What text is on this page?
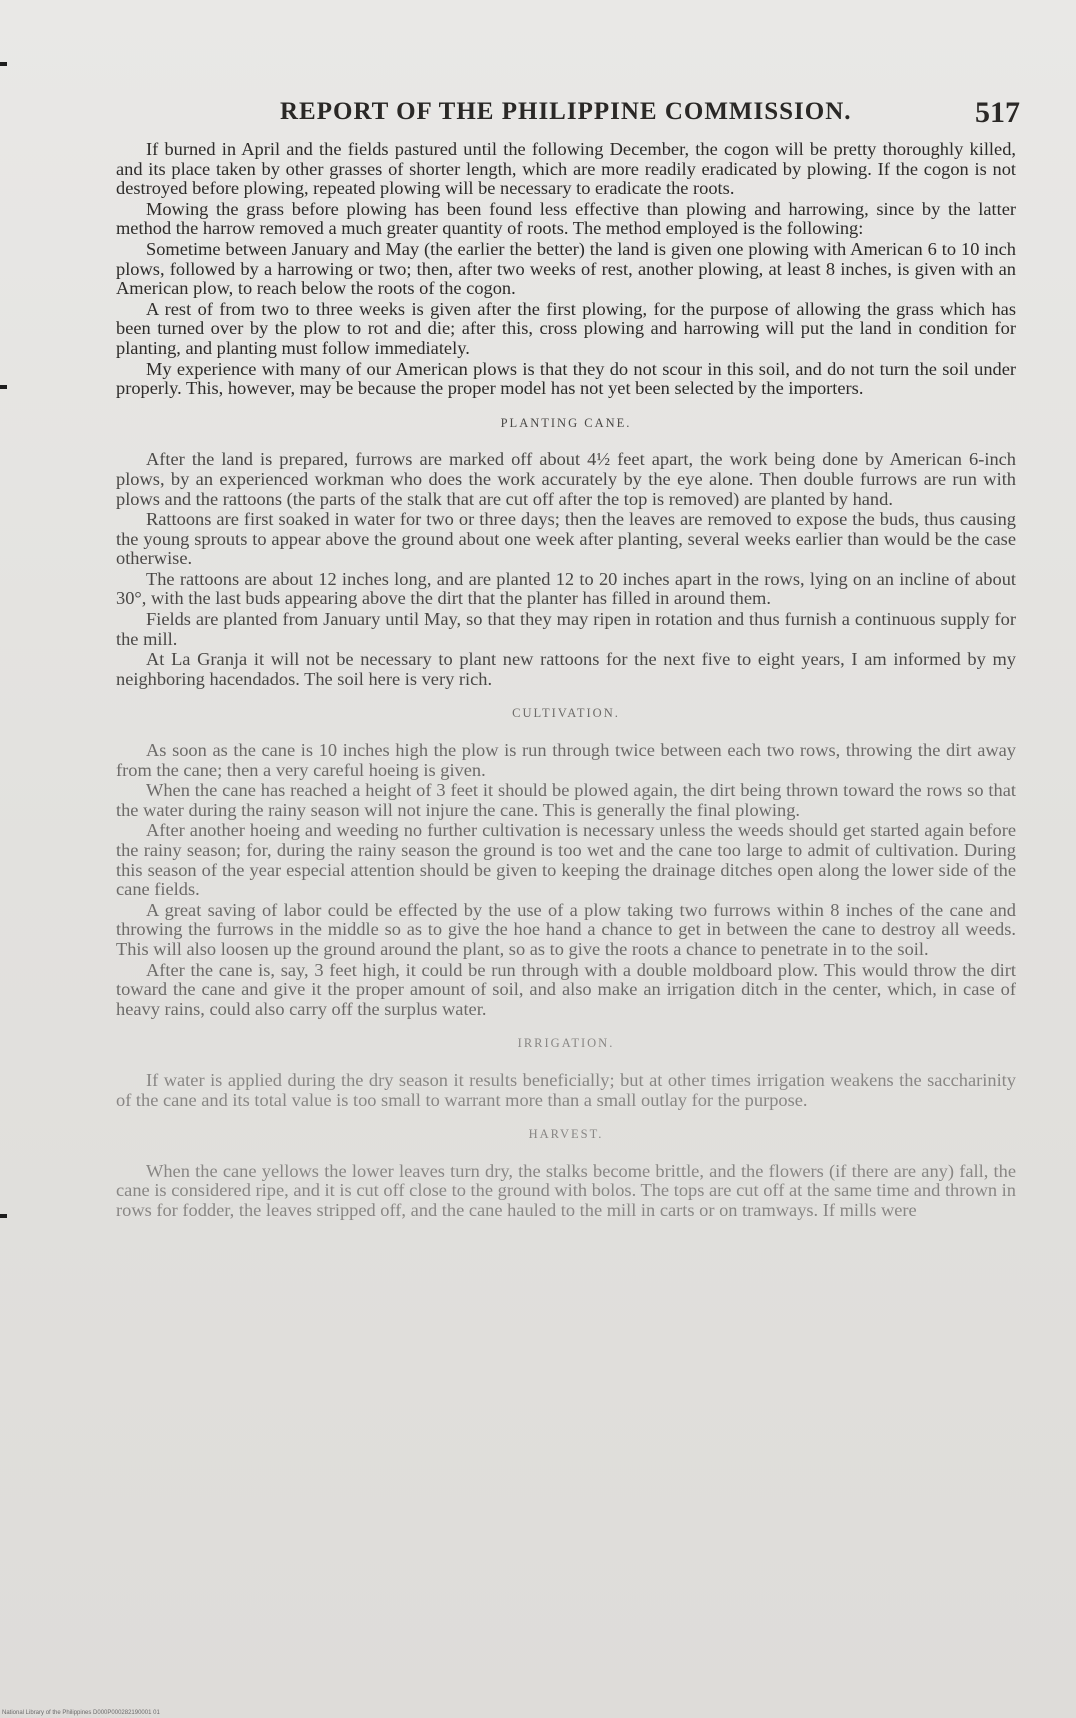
REPORT OF THE PHILIPPINE COMMISSION.	517

If burned in April and the fields pastured until the following December, the cogon will be pretty thoroughly killed, and its place taken by other grasses of shorter length, which are more readily eradicated by plowing. If the cogon is not destroyed before plowing, repeated plowing will be necessary to eradicate the roots.

Mowing the grass before plowing has been found less effective than plowing and harrowing, since by the latter method the harrow removed a much greater quantity of roots. The method employed is the following:

Sometime between January and May (the earlier the better) the land is given one plowing with American 6 to 10 inch plows, followed by a harrowing or two; then, after two weeks of rest, another plowing, at least 8 inches, is given with an American plow, to reach below the roots of the cogon.

A rest of from two to three weeks is given after the first plowing, for the purpose of allowing the grass which has been turned over by the plow to rot and die; after this, cross plowing and harrowing will put the land in condition for planting, and planting must follow immediately.

My experience with many of our American plows is that they do not scour in this soil, and do not turn the soil under properly. This, however, may be because the proper model has not yet been selected by the importers.

PLANTING CANE.

After the land is prepared, furrows are marked off about 4½ feet apart, the work being done by American 6-inch plows, by an experienced workman who does the work accurately by the eye alone. Then double furrows are run with plows and the rattoons (the parts of the stalk that are cut off after the top is removed) are planted by hand.

Rattoons are first soaked in water for two or three days; then the leaves are removed to expose the buds, thus causing the young sprouts to appear above the ground about one week after planting, several weeks earlier than would be the case otherwise.

The rattoons are about 12 inches long, and are planted 12 to 20 inches apart in the rows, lying on an incline of about 30°, with the last buds appearing above the dirt that the planter has filled in around them.

Fields are planted from January until May, so that they may ripen in rotation and thus furnish a continuous supply for the mill.

At La Granja it will not be necessary to plant new rattoons for the next five to eight years, I am informed by my neighboring hacendados. The soil here is very rich.

CULTIVATION.

As soon as the cane is 10 inches high the plow is run through twice between each two rows, throwing the dirt away from the cane; then a very careful hoeing is given.

When the cane has reached a height of 3 feet it should be plowed again, the dirt being thrown toward the rows so that the water during the rainy season will not injure the cane. This is generally the final plowing.

After another hoeing and weeding no further cultivation is necessary unless the weeds should get started again before the rainy season; for, during the rainy season the ground is too wet and the cane too large to admit of cultivation. During this season of the year especial attention should be given to keeping the drainage ditches open along the lower side of the cane fields.

A great saving of labor could be effected by the use of a plow taking two furrows within 8 inches of the cane and throwing the furrows in the middle so as to give the hoe hand a chance to get in between the cane to destroy all weeds. This will also loosen up the ground around the plant, so as to give the roots a chance to penetrate in to the soil.

After the cane is, say, 3 feet high, it could be run through with a double moldboard plow. This would throw the dirt toward the cane and give it the proper amount of soil, and also make an irrigation ditch in the center, which, in case of heavy rains, could also carry off the surplus water.

IRRIGATION.

If water is applied during the dry season it results beneficially; but at other times irrigation weakens the saccharinity of the cane and its total value is too small to warrant more than a small outlay for the purpose.

HARVEST.

When the cane yellows the lower leaves turn dry, the stalks become brittle, and the flowers (if there are any) fall, the cane is considered ripe, and it is cut off close to the ground with bolos. The tops are cut off at the same time and thrown in rows for fodder, the leaves stripped off, and the cane hauled to the mill in carts or on tramways. If mills were

National Library of the Philippines D000P000282190001 01
